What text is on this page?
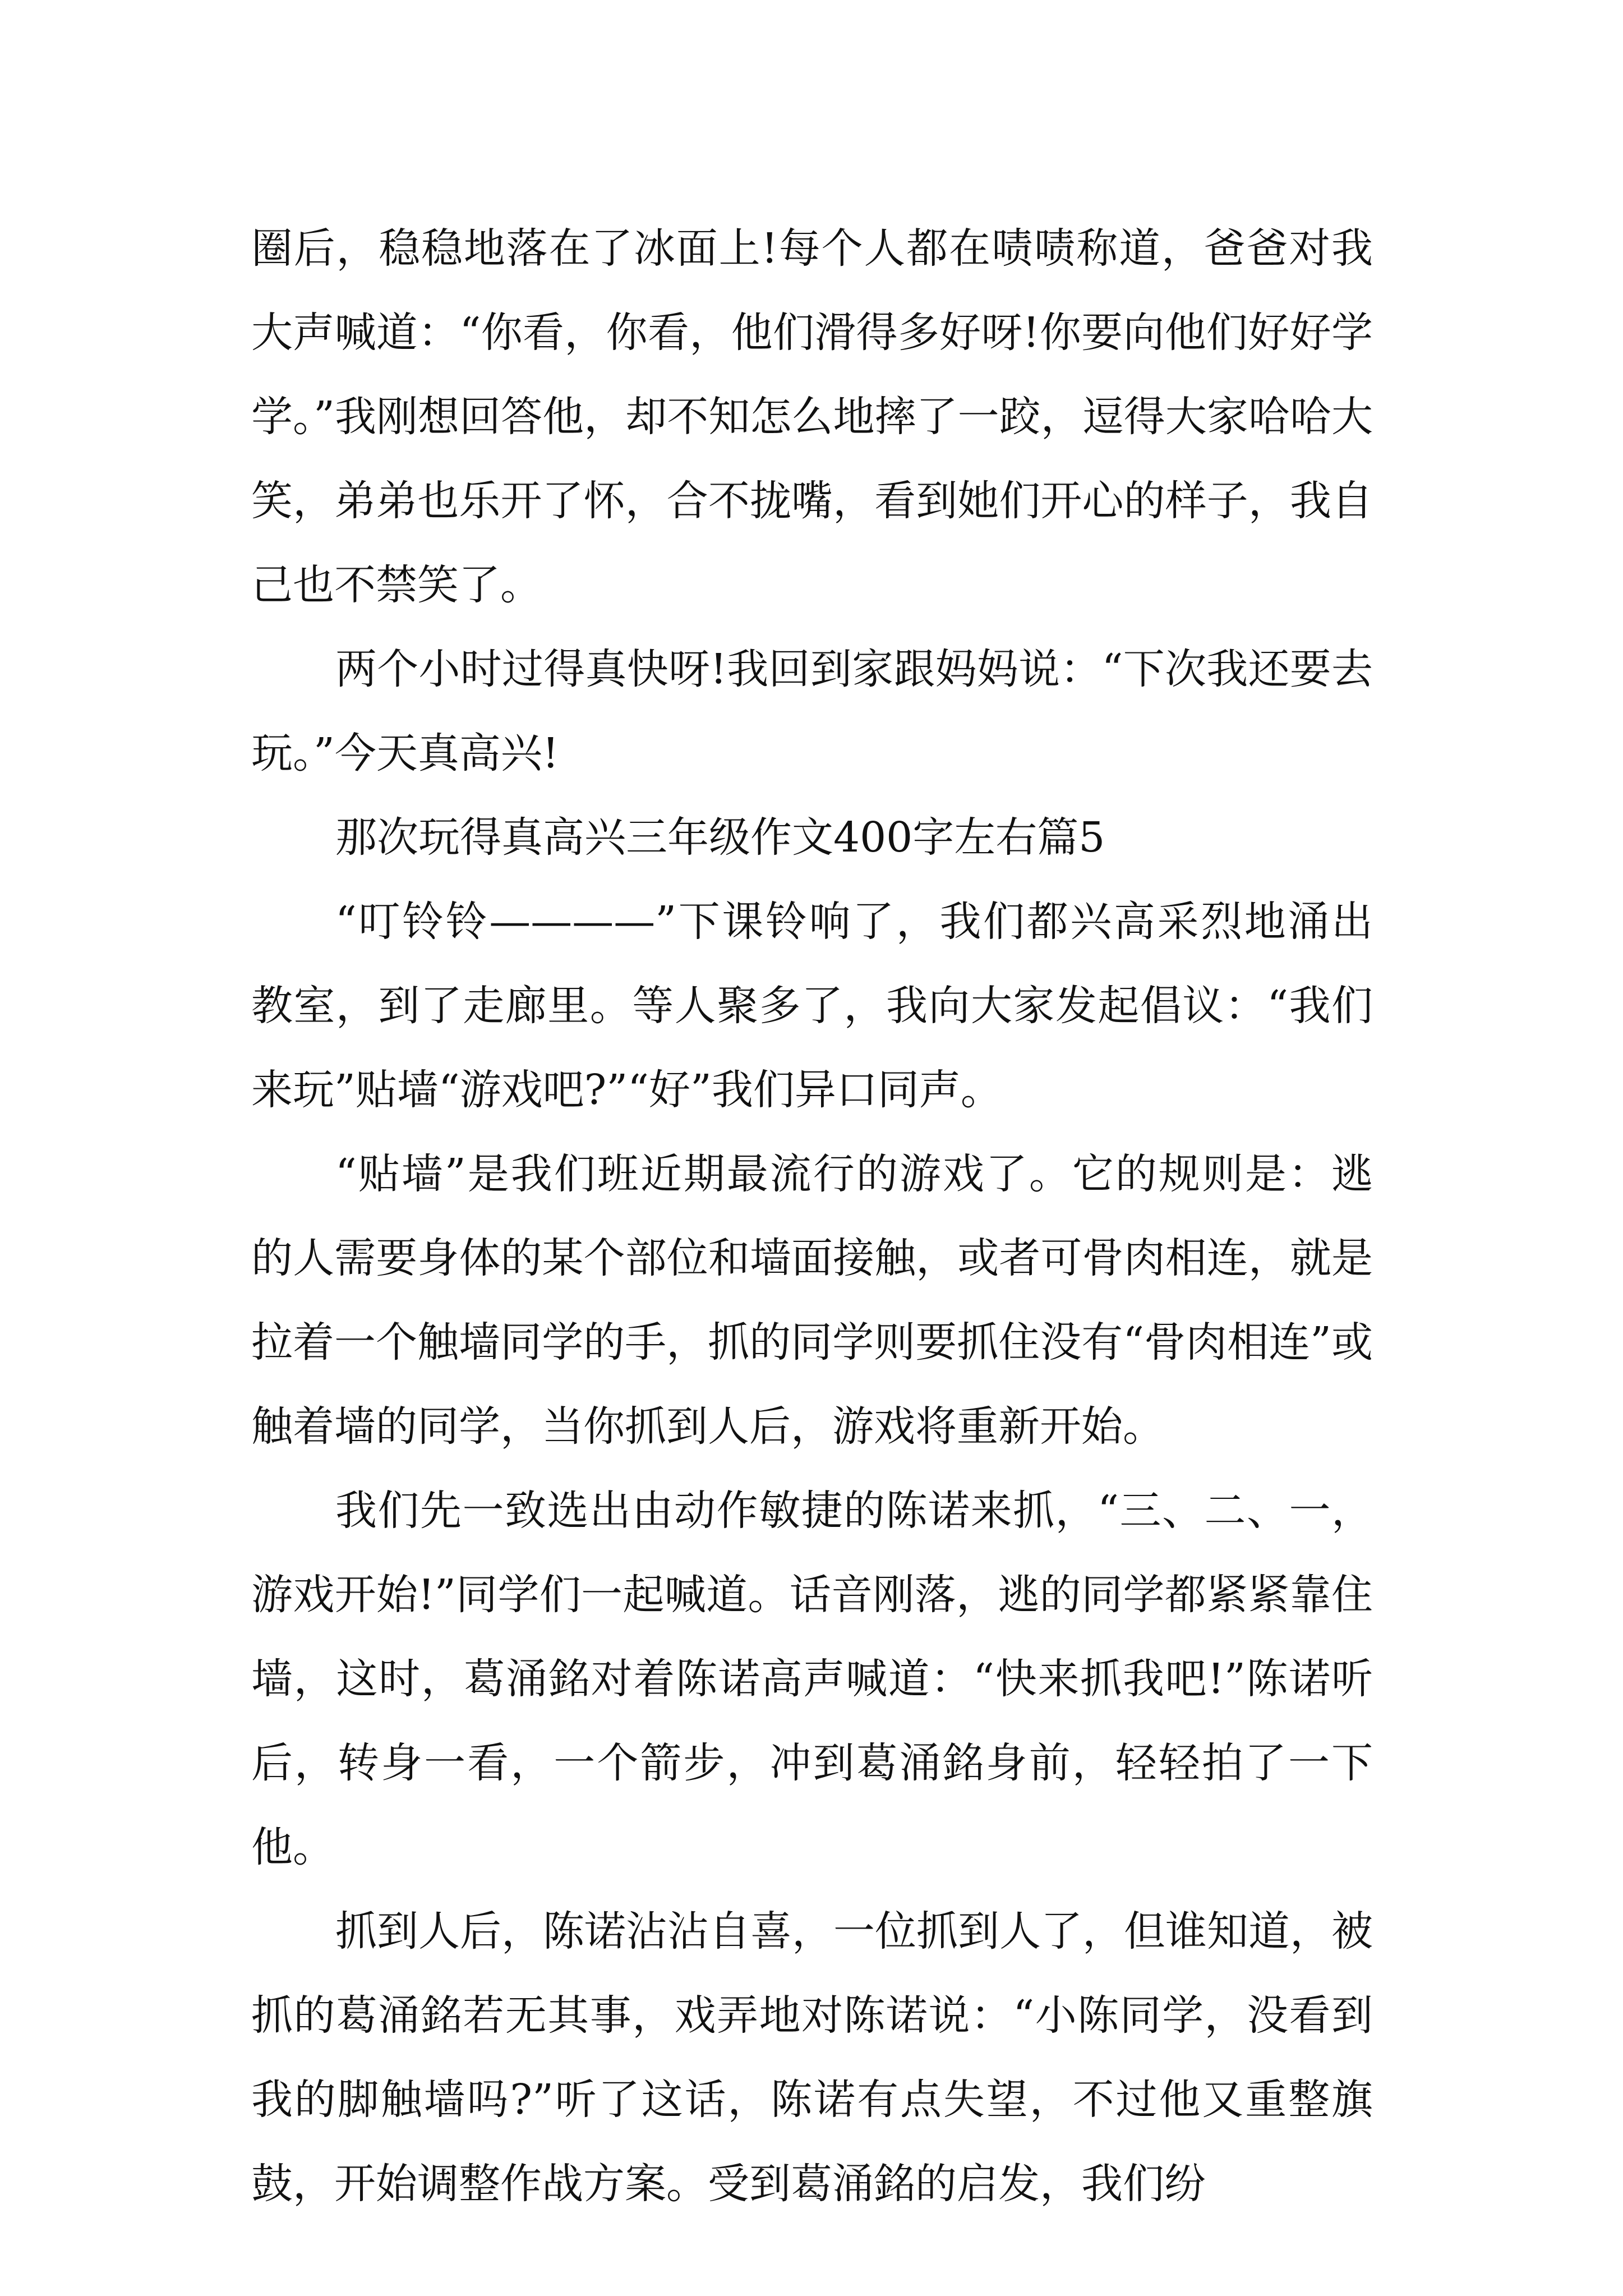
圈后，稳稳地落在了冰面上!每个人都在啧啧称道，爸爸对我大声喊道：“你看，你看，他们滑得多好呀!你要向他们好好学学。”我刚想回答他，却不知怎么地摔了一跤，逗得大家哈哈大笑，弟弟也乐开了怀，合不拢嘴，看到她们开心的样子，我自己也不禁笑了。

两个小时过得真快呀!我回到家跟妈妈说：“下次我还要去玩。”今天真高兴!

那次玩得真高兴三年级作文400字左右篇5

“叮铃铃————”下课铃响了，我们都兴高采烈地涌出教室，到了走廊里。等人聚多了，我向大家发起倡议：“我们来玩”贴墙“游戏吧?”“好”我们异口同声。

“贴墙”是我们班近期最流行的游戏了。它的规则是：逃的人需要身体的某个部位和墙面接触，或者可骨肉相连，就是拉着一个触墙同学的手，抓的同学则要抓住没有“骨肉相连”或触着墙的同学，当你抓到人后，游戏将重新开始。

我们先一致选出由动作敏捷的陈诺来抓，“三、二、一，游戏开始!”同学们一起喊道。话音刚落，逃的同学都紧紧靠住墙，这时，葛涌銘对着陈诺高声喊道：“快来抓我吧!”陈诺听后，转身一看，一个箭步，冲到葛涌銘身前，轻轻拍了一下他。

抓到人后，陈诺沾沾自喜，一位抓到人了，但谁知道，被抓的葛涌銘若无其事，戏弄地对陈诺说：“小陈同学，没看到我的脚触墙吗?”听了这话，陈诺有点失望，不过他又重整旗鼓，开始调整作战方案。受到葛涌銘的启发，我们纷
